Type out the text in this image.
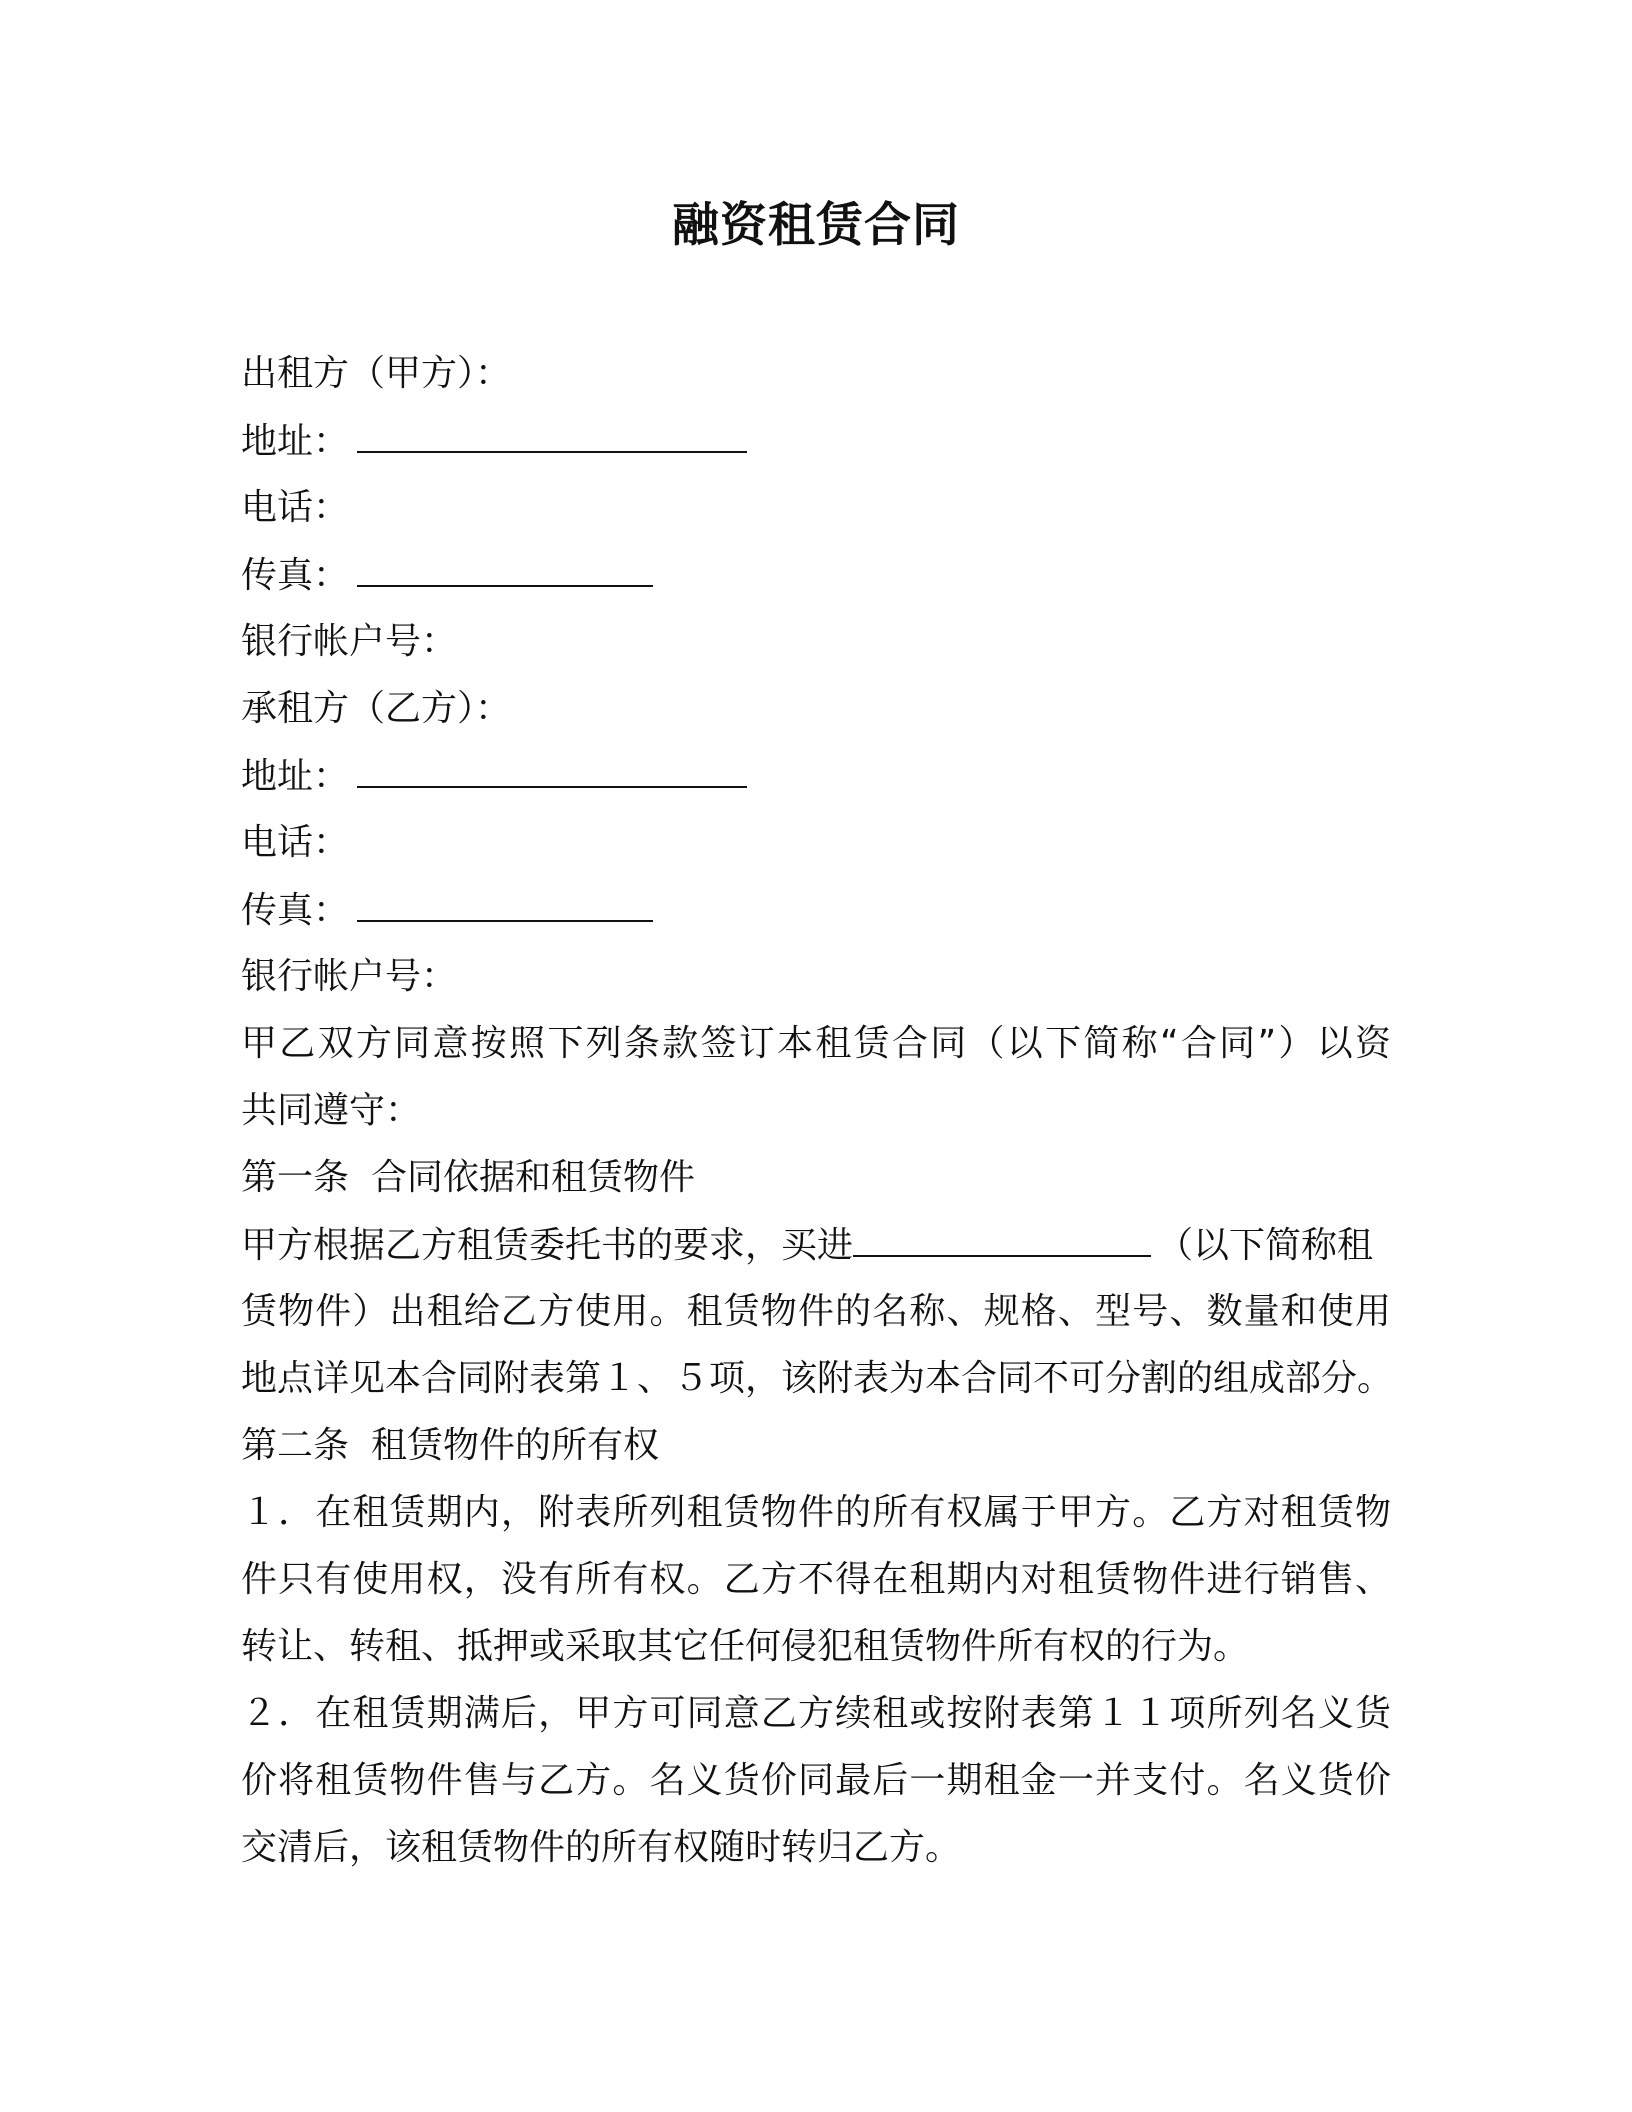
融资租赁合同
出租方（甲方）：
地址：
电话：
传真：
银行帐户号：
承租方（乙方）：
地址：
电话：
传真：
银行帐户号：
甲乙双方同意按照下列条款签订本租赁合同（以下简称“合同”）以资
共同遵守：
第一条 合同依据和租赁物件
甲方根据乙方租赁委托书的要求，买进	（以下简称租
赁物件）出租给乙方使用。租赁物件的名称、规格、型号、数量和使用
地点详见本合同附表第１、５项，该附表为本合同不可分割的组成部分。
第二条 租赁物件的所有权
１．在租赁期内，附表所列租赁物件的所有权属于甲方。乙方对租赁物
件只有使用权，没有所有权。乙方不得在租期内对租赁物件进行销售、
转让、转租、抵押或采取其它任何侵犯租赁物件所有权的行为。
２．在租赁期满后，甲方可同意乙方续租或按附表第１１项所列名义货
价将租赁物件售与乙方。名义货价同最后一期租金一并支付。名义货价
交清后，该租赁物件的所有权随时转归乙方。
